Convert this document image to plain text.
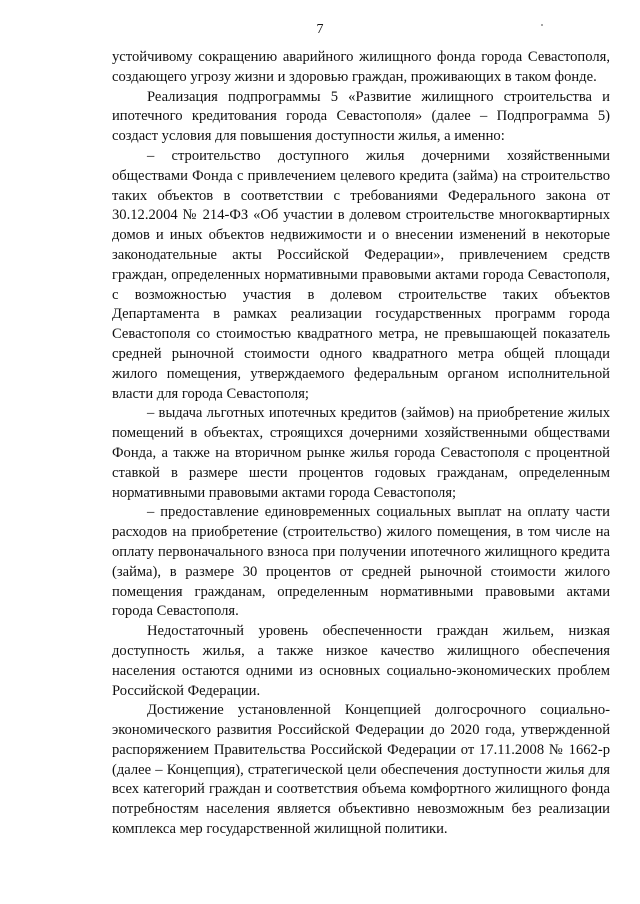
7

устойчивому сокращению аварийного жилищного фонда города Севастополя, создающего угрозу жизни и здоровью граждан, проживающих в таком фонде.

Реализация подпрограммы 5 «Развитие жилищного строительства и ипотечного кредитования города Севастополя» (далее – Подпрограмма 5) создаст условия для повышения доступности жилья, а именно:

– строительство доступного жилья дочерними хозяйственными обществами Фонда с привлечением целевого кредита (займа) на строительство таких объектов в соответствии с требованиями Федерального закона от 30.12.2004 № 214-ФЗ «Об участии в долевом строительстве многоквартирных домов и иных объектов недвижимости и о внесении изменений в некоторые законодательные акты Российской Федерации», привлечением средств граждан, определенных нормативными правовыми актами города Севастополя, с возможностью участия в долевом строительстве таких объектов Департамента в рамках реализации государственных программ города Севастополя со стоимостью квадратного метра, не превышающей показатель средней рыночной стоимости одного квадратного метра общей площади жилого помещения, утверждаемого федеральным органом исполнительной власти для города Севастополя;

– выдача льготных ипотечных кредитов (займов) на приобретение жилых помещений в объектах, строящихся дочерними хозяйственными обществами Фонда, а также на вторичном рынке жилья города Севастополя с процентной ставкой в размере шести процентов годовых гражданам, определенным нормативными правовыми актами города Севастополя;

– предоставление единовременных социальных выплат на оплату части расходов на приобретение (строительство) жилого помещения, в том числе на оплату первоначального взноса при получении ипотечного жилищного кредита (займа), в размере 30 процентов от средней рыночной стоимости жилого помещения гражданам, определенным нормативными правовыми актами города Севастополя.

Недостаточный уровень обеспеченности граждан жильем, низкая доступность жилья, а также низкое качество жилищного обеспечения населения остаются одними из основных социально-экономических проблем Российской Федерации.

Достижение установленной Концепцией долгосрочного социально-экономического развития Российской Федерации до 2020 года, утвержденной распоряжением Правительства Российской Федерации от 17.11.2008 № 1662-р (далее – Концепция), стратегической цели обеспечения доступности жилья для всех категорий граждан и соответствия объема комфортного жилищного фонда потребностям населения является объективно невозможным без реализации комплекса мер государственной жилищной политики.
